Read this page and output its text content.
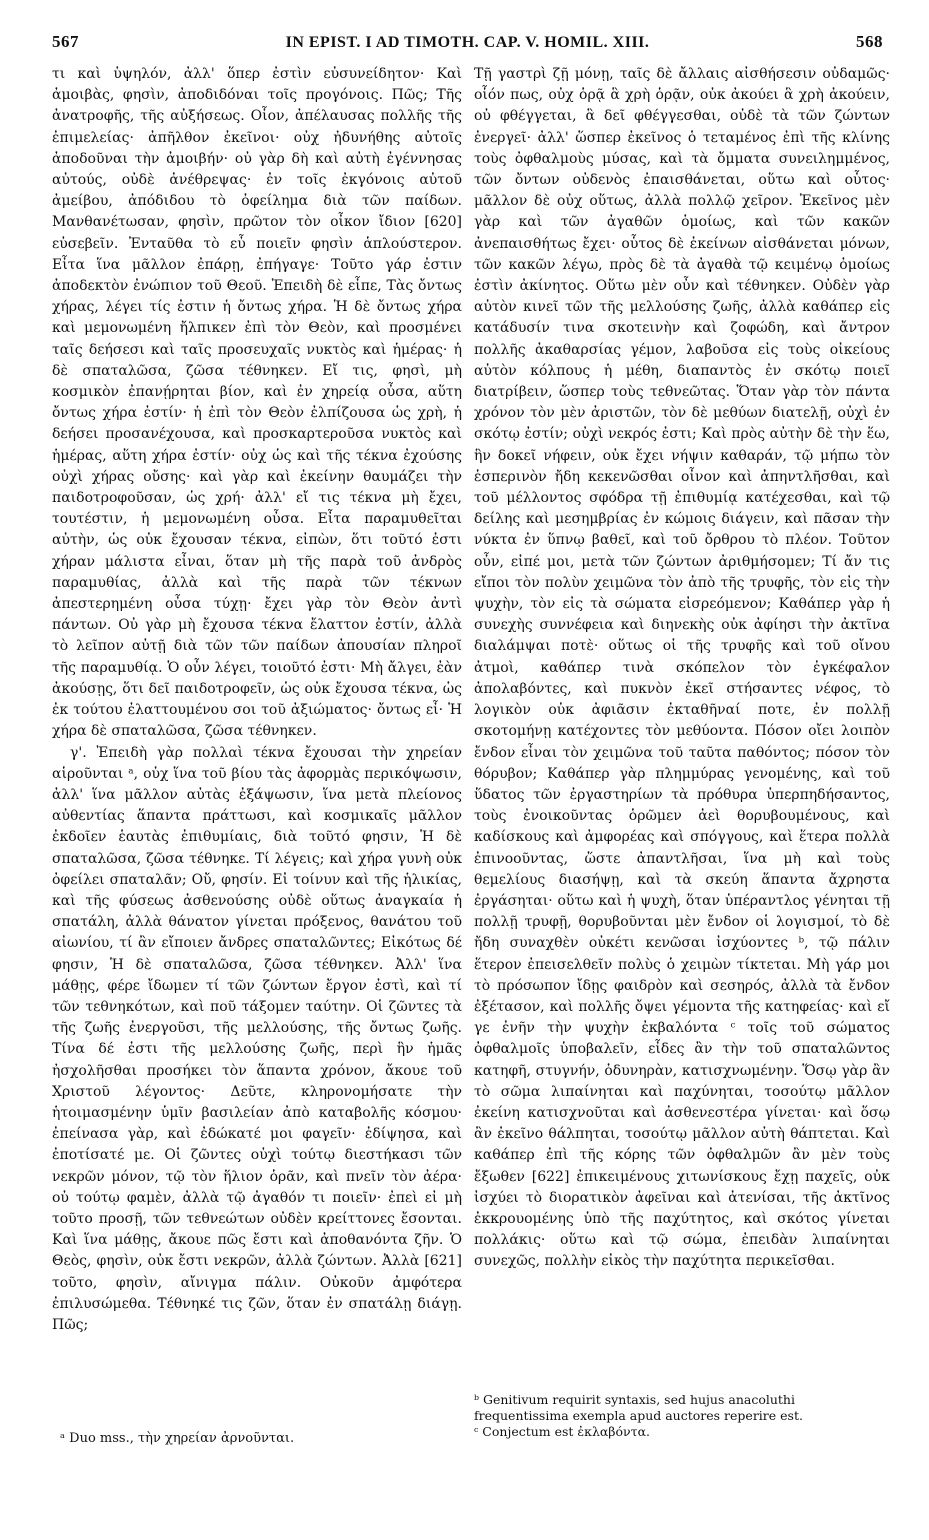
567	IN EPIST. I AD TIMOTH. CAP. V. HOMIL. XIII.	568

τι καὶ ὑψηλόν, ἀλλ' ὅπερ ἐστὶν εὐσυνείδητον· Καὶ ἀμοιβὰς, φησὶν, ἀποδιδόναι τοῖς προγόνοις. Πῶς; Τῆς ἀνατροφῆς, τῆς αὐξήσεως. Οἷον, ἀπέλαυσας πολλῆς τῆς ἐπιμελείας· ἀπῆλθον ἐκεῖνοι· οὐχ ἠδυνήθης αὐτοῖς ἀποδοῦναι τὴν ἀμοιβήν· οὐ γὰρ δὴ καὶ αὐτὴ ἐγέννησας αὐτούς, οὐδὲ ἀνέθρεψας· ἐν τοῖς ἐκγόνοις αὐτοῦ ἀμείβου, ἀπόδιδου τὸ ὀφείλημα διὰ τῶν παίδων. Μανθανέτωσαν, φησὶν, πρῶτον τὸν οἶκον ἴδιον [620] εὐσεβεῖν. Ἐνταῦθα τὸ εὖ ποιεῖν φησὶν ἁπλούστερον. Εἶτα ἵνα μᾶλλον ἐπάρῃ, ἐπήγαγε· Τοῦτο γάρ ἐστιν ἀποδεκτὸν ἐνώπιον τοῦ Θεοῦ. Ἐπειδὴ δὲ εἶπε, Τὰς ὄντως χήρας, λέγει τίς ἐστιν ἡ ὄντως χήρα. Ἡ δὲ ὄντως χήρα καὶ μεμονωμένη ἤλπικεν ἐπὶ τὸν Θεὸν, καὶ προσμένει ταῖς δεήσεσι καὶ ταῖς προσευχαῖς νυκτὸς καὶ ἡμέρας· ἡ δὲ σπαταλῶσα, ζῶσα τέθνηκεν. Εἴ τις, φησὶ, μὴ κοσμικὸν ἐπανῄρηται βίον, καὶ ἐν χηρείᾳ οὖσα, αὕτη ὄντως χήρα ἐστίν· ἡ ἐπὶ τὸν Θεὸν ἐλπίζουσα ὡς χρὴ, ἡ δεήσει προσανέχουσα, καὶ προσκαρτεροῦσα νυκτὸς καὶ ἡμέρας, αὕτη χήρα ἐστίν· οὐχ ὡς καὶ τῆς τέκνα ἐχούσης οὐχὶ χήρας οὔσης· καὶ γὰρ καὶ ἐκείνην θαυμάζει τὴν παιδοτροφοῦσαν, ὡς χρή· ἀλλ' εἴ τις τέκνα μὴ ἔχει, τουτέστιν, ἡ μεμονωμένη οὖσα. Εἶτα παραμυθεῖται αὐτὴν, ὡς οὐκ ἔχουσαν τέκνα, εἰπὼν, ὅτι τοῦτό ἐστι χήραν μάλιστα εἶναι, ὅταν μὴ τῆς παρὰ τοῦ ἀνδρὸς παραμυθίας, ἀλλὰ καὶ τῆς παρὰ τῶν τέκνων ἀπεστερημένη οὖσα τύχῃ· ἔχει γὰρ τὸν Θεὸν ἀντὶ πάντων. Οὐ γὰρ μὴ ἔχουσα τέκνα ἔλαττον ἐστίν, ἀλλὰ τὸ λεῖπον αὐτῇ διὰ τῶν τῶν παίδων ἀπουσίαν πληροῖ τῆς παραμυθίᾳ. Ὁ οὖν λέγει, τοιοῦτό ἐστι· Μὴ ἄλγει, ἐὰν ἀκούσῃς, ὅτι δεῖ παιδοτροφεῖν, ὡς οὐκ ἔχουσα τέκνα, ὡς ἐκ τούτου ἐλαττουμένου σοι τοῦ ἀξιώματος· ὄντως εἶ· Ἡ χήρα δὲ σπαταλῶσα, ζῶσα τέθνηκεν.

γ'. Ἐπειδὴ γὰρ πολλαὶ τέκνα ἔχουσαι τὴν χηρείαν αἱροῦνται ᵃ, οὐχ ἵνα τοῦ βίου τὰς ἀφορμὰς περικόψωσιν, ἀλλ' ἵνα μᾶλλον αὐτὰς ἐξάψωσιν, ἵνα μετὰ πλείονος αὐθεντίας ἅπαντα πράττωσι, καὶ κοσμικαῖς μᾶλλον ἐκδοῖεν ἑαυτὰς ἐπιθυμίαις, διὰ τοῦτό φησιν, Ἡ δὲ σπαταλῶσα, ζῶσα τέθνηκε. Τί λέγεις; καὶ χήρα γυνὴ οὐκ ὀφείλει σπαταλᾶν; Οὔ, φησίν. Εἰ τοίνυν καὶ τῆς ἡλικίας, καὶ τῆς φύσεως ἀσθενούσης οὐδὲ οὕτως ἀναγκαία ἡ σπατάλη, ἀλλὰ θάνατον γίνεται πρόξενος, θανάτου τοῦ αἰωνίου, τί ἂν εἴποιεν ἄνδρες σπαταλῶντες; Εἰκότως δέ φησιν, Ἡ δὲ σπαταλῶσα, ζῶσα τέθνηκεν. Ἀλλ' ἵνα μάθῃς, φέρε ἴδωμεν τί τῶν ζώντων ἔργον ἐστὶ, καὶ τί τῶν τεθνηκότων, καὶ ποῦ τάξομεν ταύτην. Οἱ ζῶντες τὰ τῆς ζωῆς ἐνεργοῦσι, τῆς μελλούσης, τῆς ὄντως ζωῆς. Τίνα δέ ἐστι τῆς μελλούσης ζωῆς, περὶ ἣν ἡμᾶς ἠσχολῆσθαι προσήκει τὸν ἅπαντα χρόνον, ἄκουε τοῦ Χριστοῦ λέγοντος· Δεῦτε, κληρονομήσατε τὴν ἡτοιμασμένην ὑμῖν βασιλείαν ἀπὸ καταβολῆς κόσμου· ἐπείνασα γὰρ, καὶ ἐδώκατέ μοι φαγεῖν· ἐδίψησα, καὶ ἐποτίσατέ με. Οἱ ζῶντες οὐχὶ τούτῳ διεστήκασι τῶν νεκρῶν μόνον, τῷ τὸν ἥλιον ὁρᾶν, καὶ πνεῖν τὸν ἀέρα· οὐ τούτῳ φαμὲν, ἀλλὰ τῷ ἀγαθόν τι ποιεῖν· ἐπεὶ εἰ μὴ τοῦτο προσῇ, τῶν τεθνεώτων οὐδὲν κρείττονες ἔσονται. Καὶ ἵνα μάθῃς, ἄκουε πῶς ἔστι καὶ ἀποθανόντα ζῆν. Ὁ Θεὸς, φησὶν, οὐκ ἔστι νεκρῶν, ἀλλὰ ζώντων. Ἀλλὰ [621] τοῦτο, φησὶν, αἴνιγμα πάλιν. Οὐκοῦν ἀμφότερα ἐπιλυσώμεθα. Τέθνηκέ τις ζῶν, ὅταν ἐν σπατάλῃ διάγῃ. Πῶς;

Τῇ γαστρὶ ζῇ μόνῃ, ταῖς δὲ ἄλλαις αἰσθήσεσιν οὐδαμῶς· οἷόν πως, οὐχ ὁρᾷ ἃ χρὴ ὁρᾷν, οὐκ ἀκούει ἃ χρὴ ἀκούειν, οὐ φθέγγεται, ἃ δεῖ φθέγγεσθαι, οὐδὲ τὰ τῶν ζώντων ἐνεργεῖ· ἀλλ' ὥσπερ ἐκεῖνος ὁ τεταμένος ἐπὶ τῆς κλίνης τοὺς ὀφθαλμοὺς μύσας, καὶ τὰ ὄμματα συνειλημμένος, τῶν ὄντων οὐδενὸς ἐπαισθάνεται, οὕτω καὶ οὗτος· μᾶλλον δὲ οὐχ οὕτως, ἀλλὰ πολλῷ χεῖρον. Ἐκεῖνος μὲν γὰρ καὶ τῶν ἀγαθῶν ὁμοίως, καὶ τῶν κακῶν ἀνεπαισθήτως ἔχει· οὗτος δὲ ἐκείνων αἰσθάνεται μόνων, τῶν κακῶν λέγω, πρὸς δὲ τὰ ἀγαθὰ τῷ κειμένῳ ὁμοίως ἐστὶν ἀκίνητος. Οὕτω μὲν οὖν καὶ τέθνηκεν. Οὐδὲν γὰρ αὐτὸν κινεῖ τῶν τῆς μελλούσης ζωῆς, ἀλλὰ καθάπερ εἰς κατάδυσίν τινα σκοτεινὴν καὶ ζοφώδη, καὶ ἄντρον πολλῆς ἀκαθαρσίας γέμον, λαβοῦσα εἰς τοὺς οἰκείους αὐτὸν κόλπους ἡ μέθη, διαπαντὸς ἐν σκότῳ ποιεῖ διατρίβειν, ὥσπερ τοὺς τεθνεῶτας. Ὅταν γὰρ τὸν πάντα χρόνον τὸν μὲν ἀριστῶν, τὸν δὲ μεθύων διατελῇ, οὐχὶ ἐν σκότῳ ἐστίν; οὐχὶ νεκρός ἐστι; Καὶ πρὸς αὐτὴν δὲ τὴν ἕω, ἣν δοκεῖ νήφειν, οὐκ ἔχει νήψιν καθαράν, τῷ μήπω τὸν ἑσπερινὸν ἤδη κεκενῶσθαι οἶνον καὶ ἀπηντλῆσθαι, καὶ τοῦ μέλλοντος σφόδρα τῇ ἐπιθυμίᾳ κατέχεσθαι, καὶ τῷ δείλης καὶ μεσημβρίας ἐν κώμοις διάγειν, καὶ πᾶσαν τὴν νύκτα ἐν ὕπνῳ βαθεῖ, καὶ τοῦ ὄρθρου τὸ πλέον. Τοῦτον οὖν, εἰπέ μοι, μετὰ τῶν ζώντων ἀριθμήσομεν; Τί ἄν τις εἴποι τὸν πολὺν χειμῶνα τὸν ἀπὸ τῆς τρυφῆς, τὸν εἰς τὴν ψυχὴν, τὸν εἰς τὰ σώματα εἰσρεόμενον; Καθάπερ γὰρ ἡ συνεχὴς συννέφεια καὶ διηνεκὴς οὐκ ἀφίησι τὴν ἀκτῖνα διαλάμψαι ποτὲ· οὕτως οἱ τῆς τρυφῆς καὶ τοῦ οἴνου ἀτμοὶ, καθάπερ τινὰ σκόπελον τὸν ἐγκέφαλον ἀπολαβόντες, καὶ πυκνὸν ἐκεῖ στήσαντες νέφος, τὸ λογικὸν οὐκ ἀφιᾶσιν ἐκταθῆναί ποτε, ἐν πολλῇ σκοτομήνῃ κατέχοντες τὸν μεθύοντα. Πόσον οἴει λοιπὸν ἔνδον εἶναι τὸν χειμῶνα τοῦ ταῦτα παθόντος; πόσον τὸν θόρυβον; Καθάπερ γὰρ πλημμύρας γενομένης, καὶ τοῦ ὕδατος τῶν ἐργαστηρίων τὰ πρόθυρα ὑπερπηδήσαντος, τοὺς ἐνοικοῦντας ὁρῶμεν ἀεὶ θορυβουμένους, καὶ καδίσκους καὶ ἀμφορέας καὶ σπόγγους, καὶ ἕτερα πολλὰ ἐπινοοῦντας, ὥστε ἀπαντλῆσαι, ἵνα μὴ καὶ τοὺς θεμελίους διασήψῃ, καὶ τὰ σκεύη ἅπαντα ἄχρηστα ἐργάσηται· οὕτω καὶ ἡ ψυχὴ, ὅταν ὑπέραντλος γένηται τῇ πολλῇ τρυφῇ, θορυβοῦνται μὲν ἔνδον οἱ λογισμοί, τὸ δὲ ἤδη συναχθὲν οὐκέτι κενῶσαι ἰσχύοντες ᵇ, τῷ πάλιν ἕτερον ἐπεισελθεῖν πολὺς ὁ χειμὼν τίκτεται. Μὴ γάρ μοι τὸ πρόσωπον ἴδῃς φαιδρὸν καὶ σεσηρός, ἀλλὰ τὰ ἔνδον ἐξέτασον, καὶ πολλῆς ὄψει γέμοντα τῆς κατηφείας· καὶ εἴ γε ἐνῆν τὴν ψυχὴν ἐκβαλόντα ᶜ τοῖς τοῦ σώματος ὀφθαλμοῖς ὑποβαλεῖν, εἶδες ἂν τὴν τοῦ σπαταλῶντος κατηφῆ, στυγνήν, ὀδυνηρὰν, κατισχνωμένην. Ὅσῳ γὰρ ἂν τὸ σῶμα λιπαίνηται καὶ παχύνηται, τοσούτῳ μᾶλλον ἐκείνη κατισχνοῦται καὶ ἀσθενεστέρα γίνεται· καὶ ὅσῳ ἂν ἐκεῖνο θάλπηται, τοσούτῳ μᾶλλον αὐτὴ θάπτεται. Καὶ καθάπερ ἐπὶ τῆς κόρης τῶν ὀφθαλμῶν ἂν μὲν τοὺς ἔξωθεν [622] ἐπικειμένους χιτωνίσκους ἔχῃ παχεῖς, οὐκ ἰσχύει τὸ διορατικὸν ἀφεῖναι καὶ ἀτενίσαι, τῆς ἀκτῖνος ἐκκρουομένης ὑπὸ τῆς παχύτητος, καὶ σκότος γίνεται πολλάκις· οὕτω καὶ τῷ σώμα, ἐπειδὰν λιπαίνηται συνεχῶς, πολλὴν εἰκὸς τὴν παχύτητα περικεῖσθαι.

ᵃ Duo mss., τὴν χηρείαν ἀρνοῦνται.

ᵇ Genitivum requirit syntaxis, sed hujus anacoluthi frequentissima exempla apud auctores reperire est.

ᶜ Conjectum est ἐκλαβόντα.
